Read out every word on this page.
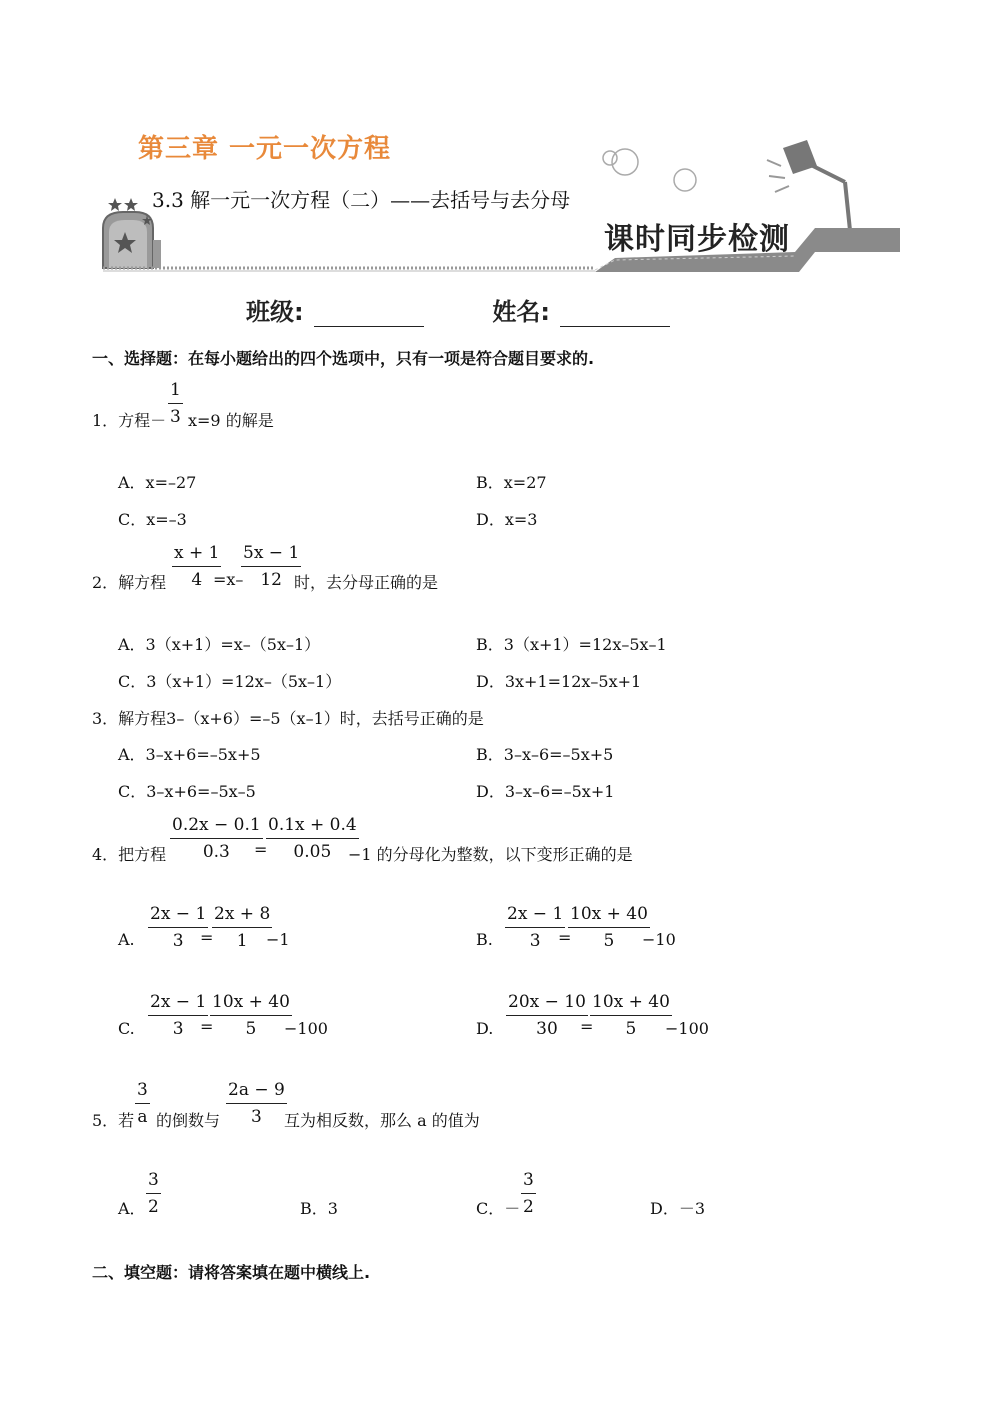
第三章 一元一次方程
3.3 解一元一次方程（二）——去括号与去分母
课时同步检测
班级:	姓名:
一、选择题：在每小题给出的四个选项中，只有一项是符合题目要求的.
1．方程－ $\frac{1}{3} x=9$ 的解是
A．x=–27	B．x=27
C．x=–3	D．x=3
2．解方程 $\frac{x + 1}{4}$
=x–
$\frac{5x - 1}{12}$
时，去分母正确的是
A．3（x+1）=x–（5x–1）	B．3（x+1）=12x–5x–1
C．3（x+1）=12x–（5x–1）	D．3x+1=12x–5x+1
3．解方程3–（x+6）=–5（x–1）时，去括号正确的是
A．3–x+6=–5x+5	B．3–x–6=–5x+5
C．3–x+6=–5x–5	D．3–x–6=–5x+1
4．把方程 $\frac{0.2x - 0.1}{0.3}$
=
$\frac{0.1x + 0.4}{0.05}$
−1 的分母化为整数，以下变形正确的是
A. $\frac{2x - 1}{3}$
=
$\frac{2x + 8}{1}$
−1	B. $\frac{2x - 1}{3}$
=
$\frac{10x + 40}{5}$
−10
C. $\frac{2x - 1}{3}$
=
$\frac{10x + 40}{5}$
−100	D. $\frac{20x - 10}{30}$
=
$\frac{10x + 40}{5}$
−100
5．若 $\frac{3}{a}$ 的倒数与 $\frac{2a - 9}{3}$
互为相反数，那么 a 的值为
A． $\frac{3}{2}$	B．3	C．－ $\frac{3}{2}$	D．－3
二、填空题：请将答案填在题中横线上.
